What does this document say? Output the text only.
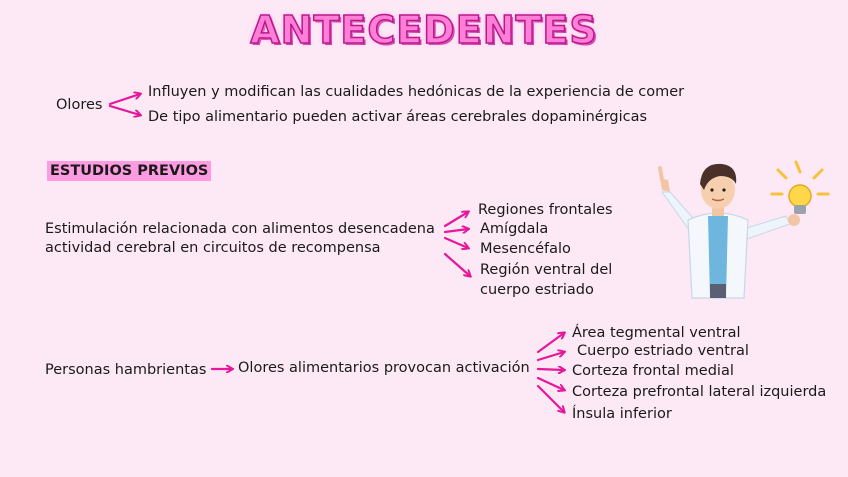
ANTECEDENTES
Olores
Influyen y modifican las cualidades hedónicas de la experiencia de comer
De tipo alimentario pueden activar áreas cerebrales dopaminérgicas
ESTUDIOS PREVIOS
Estimulación relacionada con alimentos desencadena
actividad cerebral en circuitos de recompensa
Regiones frontales
Amígdala
Mesencéfalo
Región ventral del
cuerpo estriado
Personas hambrientas Olores alimentarios provocan activación
Área tegmental ventral
Cuerpo estriado ventral
Corteza frontal medial
Corteza prefrontal lateral izquierda
Ínsula inferior
